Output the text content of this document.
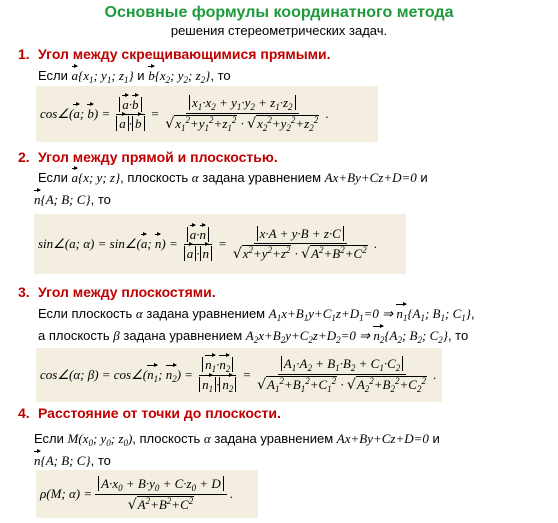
Основные формулы координатного метода
решения стереометрических задач.
1. Угол между скрещивающимися прямыми.
Если $a\{x_1$; $y_1$; $z_1$} и $b\{x_2$; $y_2$; $z_2$}, то
cos∠(a; $b) = \frac{a\cdot b}{a \cdot b} = \frac{x_1\cdot x_2 + y_1\cdot y_2 + z_1\cdot z_2}{√x_1^2+y_1^2+z_1^2 \cdot √x_2^2+y_2^2+z_2^2}$ .
2. Угол между прямой и плоскостью.
Если a{x; y; z}, плоскость α задана уравнением Ax+By+Cz+D=0 и
n{A; B; C}, то
sin∠(a; α) = sin∠(a; $n) = \frac{a\cdot n}{a \cdot n} = \frac{x\cdot A + y\cdot B + z\cdot C}{√x^2+y^2+z^2 \cdot √A^2+B^2+C^2}$ .
3. Угол между плоскостями.
Если плоскость α задана уравнением $A_1x+B_1y+C_1z+D_1=0$ ⇒ $n_1\{A_1$; $B_1$; $C_1$},
а плоскость β задана уравнением $A_2x+B_2y+C_2z+D_2=0$ ⇒ $n_2\{A_2$; $B_2$; $C_2$}, то
cos∠(α; $\beta) = \cos\angle(n_1$; $n_2) = \frac{n_1\cdot n_2}{n_1 \cdot n_2} = \frac{A_1\cdot A_2 + B_1\cdot B_2 + C_1\cdot C_2}{√A_1^2+B_1^2+C_1^2 \cdot √A_2^2+B_2^2+C_2^2}$ .
4. Расстояние от точки до плоскости.
Если $M(x_0$; $y_0$; $z_0$), плоскость α задана уравнением Ax+By+Cz+D=0 и
n{A; B; C}, то
ρ(M; $\alpha) = \frac{A\cdot x_0 + B\cdot y_0 + C\cdot z_0 + D}{√A^2+B^2+C^2}$ .
